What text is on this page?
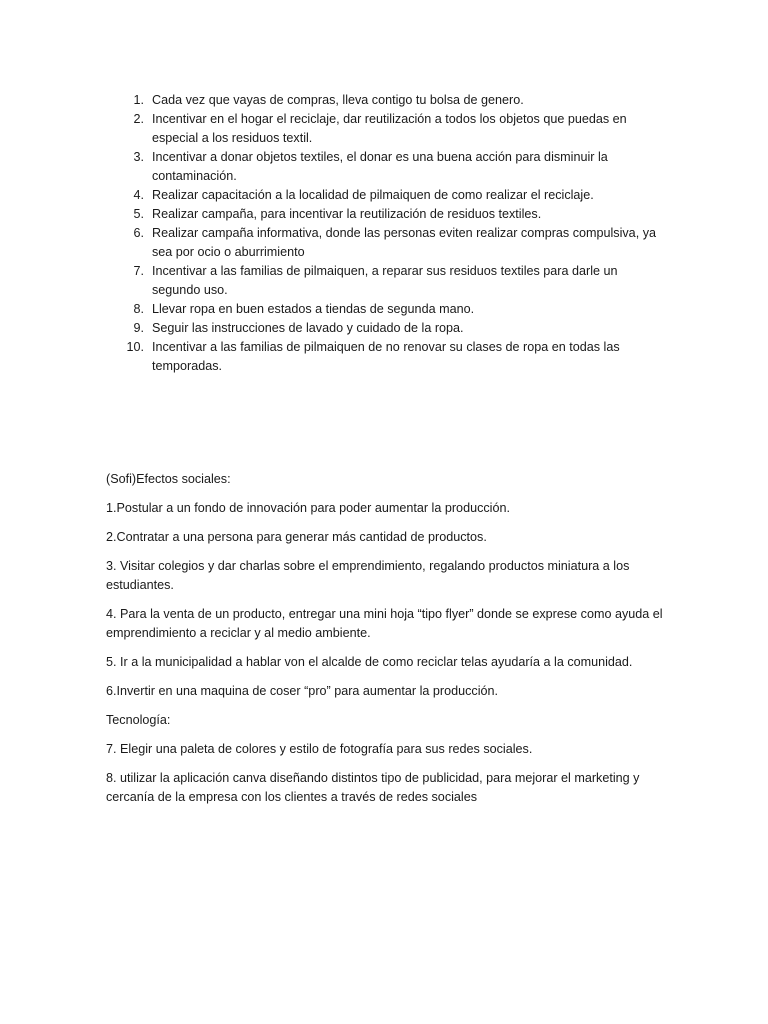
1. Cada vez que vayas de compras, lleva contigo tu bolsa de genero.
2. Incentivar en el hogar el reciclaje, dar reutilización a todos los objetos que puedas en especial a los residuos textil.
3. Incentivar a donar objetos textiles, el donar es una buena acción para disminuir la contaminación.
4. Realizar capacitación a la localidad de pilmaiquen de como realizar el reciclaje.
5. Realizar campaña, para incentivar la reutilización de residuos textiles.
6. Realizar campaña informativa, donde las personas eviten realizar compras compulsiva, ya sea por ocio o aburrimiento
7. Incentivar a las familias de pilmaiquen, a reparar sus residuos textiles para darle un segundo uso.
8. Llevar ropa en buen estados a tiendas de segunda mano.
9. Seguir las instrucciones de lavado y cuidado de la ropa.
10. Incentivar a las familias de pilmaiquen de no renovar su clases de ropa en todas las temporadas.

(Sofi)Efectos sociales:

1.Postular a un fondo de innovación para poder aumentar la producción.

2.Contratar a una persona para generar más cantidad de productos.

3. Visitar colegios y dar charlas sobre el emprendimiento, regalando productos miniatura a los estudiantes.

4. Para la venta de un producto, entregar una mini hoja “tipo flyer” donde se exprese como ayuda el emprendimiento a reciclar y al medio ambiente.

5. Ir a la municipalidad a hablar von el alcalde de como reciclar telas ayudaría a la comunidad.

6.Invertir en una maquina de coser “pro” para aumentar la producción.

Tecnología:

7. Elegir una paleta de colores y estilo de fotografía para sus redes sociales.

8. utilizar la aplicación canva diseñando distintos tipo de publicidad, para mejorar el marketing y cercanía de la empresa con los clientes a través de redes sociales
